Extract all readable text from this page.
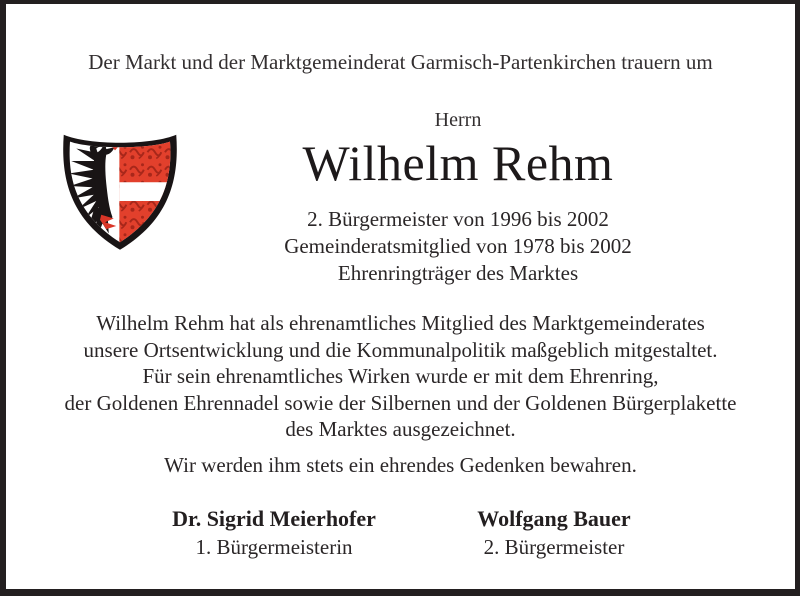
Der Markt und der Marktgemeinderat Garmisch-Partenkirchen trauern um
Herrn
Wilhelm Rehm
2. Bürgermeister von 1996 bis 2002
Gemeinderatsmitglied von 1978 bis 2002
Ehrenringträger des Marktes
Wilhelm Rehm hat als ehrenamtliches Mitglied des Marktgemeinderates
unsere Ortsentwicklung und die Kommunalpolitik maßgeblich mitgestaltet.
Für sein ehrenamtliches Wirken wurde er mit dem Ehrenring,
der Goldenen Ehrennadel sowie der Silbernen und der Goldenen Bürgerplakette
des Marktes ausgezeichnet.
Wir werden ihm stets ein ehrendes Gedenken bewahren.
Dr. Sigrid Meierhofer
1. Bürgermeisterin
Wolfgang Bauer
2. Bürgermeister
